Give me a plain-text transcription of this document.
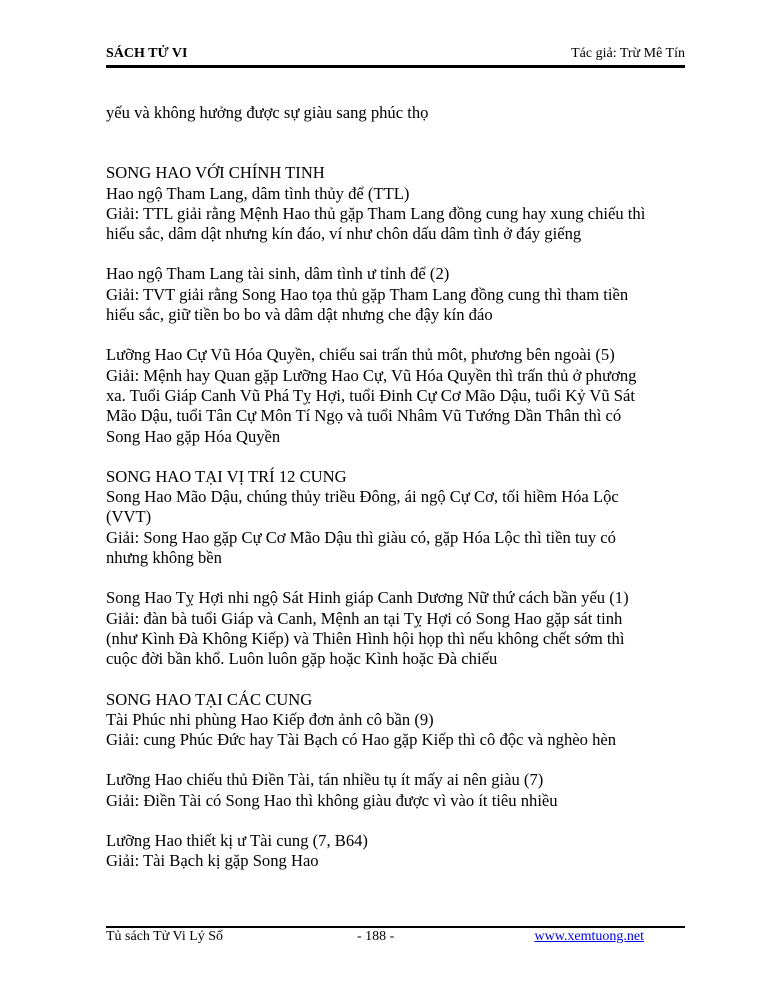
SÁCH TỬ VI	Tác giả: Trừ Mê Tín

yếu và không hưởng được sự giàu sang phúc thọ

SONG HAO VỚI CHÍNH TINH

Hao ngộ Tham Lang, dâm tình thủy để (TTL)

Giải: TTL giải rằng Mệnh Hao thủ gặp Tham Lang đồng cung hay xung chiếu thì

hiếu sắc, dâm dật nhưng kín đáo, ví như chôn dấu dâm tình ở đáy giếng

Hao ngộ Tham Lang tài sinh, dâm tình ư tỉnh để (2)

Giải: TVT giải rằng Song Hao tọa thủ gặp Tham Lang đồng cung thì tham tiền

hiếu sắc, giữ tiền bo bo và dâm dật nhưng che đậy kín đáo

Lưỡng Hao Cự Vũ Hóa Quyền, chiếu sai trấn thủ môt, phương bên ngoài (5)

Giải: Mệnh hay Quan gặp Lưỡng Hao Cự, Vũ Hóa Quyền thì trấn thủ ở phương

xa. Tuổi Giáp Canh Vũ Phá Tỵ Hợi, tuổi Đinh Cự Cơ Mão Dậu, tuổi Kỷ Vũ Sát

Mão Dậu, tuổi Tân Cự Môn Tí Ngọ và tuổi Nhâm Vũ Tướng Dần Thân thì có

Song Hao gặp Hóa Quyền

SONG HAO TẠI VỊ TRÍ 12 CUNG

Song Hao Mão Dậu, chúng thủy triều Đông, ái ngộ Cự Cơ, tối hiềm Hóa Lộc

(VVT)

Giải: Song Hao gặp Cự Cơ Mão Dậu thì giàu có, gặp Hóa Lộc thì tiền tuy có

nhưng không bền

Song Hao Tỵ Hợi nhi ngộ Sát Hinh giáp Canh Dương Nữ thứ cách bần yếu (1)

Giải: đàn bà tuổi Giáp và Canh, Mệnh an tại Tỵ Hợi có Song Hao gặp sát tinh

(như Kình Đà Không Kiếp) và Thiên Hình hội họp thì nếu không chết sớm thì

cuộc đời bần khổ. Luôn luôn gặp hoặc Kình hoặc Đà chiếu

SONG HAO TẠI CÁC CUNG

Tài Phúc nhi phùng Hao Kiếp đơn ảnh cô bần (9)

Giải: cung Phúc Đức hay Tài Bạch có Hao gặp Kiếp thì cô độc và nghèo hèn

Lưỡng Hao chiếu thủ Điền Tài, tán nhiều tụ ít mấy ai nên giàu (7)

Giải: Điền Tài có Song Hao thì không giàu được vì vào ít tiêu nhiều

Lưỡng Hao thiết kị ư Tài cung (7, B64)

Giải: Tài Bạch kị gặp Song Hao

Tủ sách Tử Vi Lý Số	- 188 -	www.xemtuong.net
